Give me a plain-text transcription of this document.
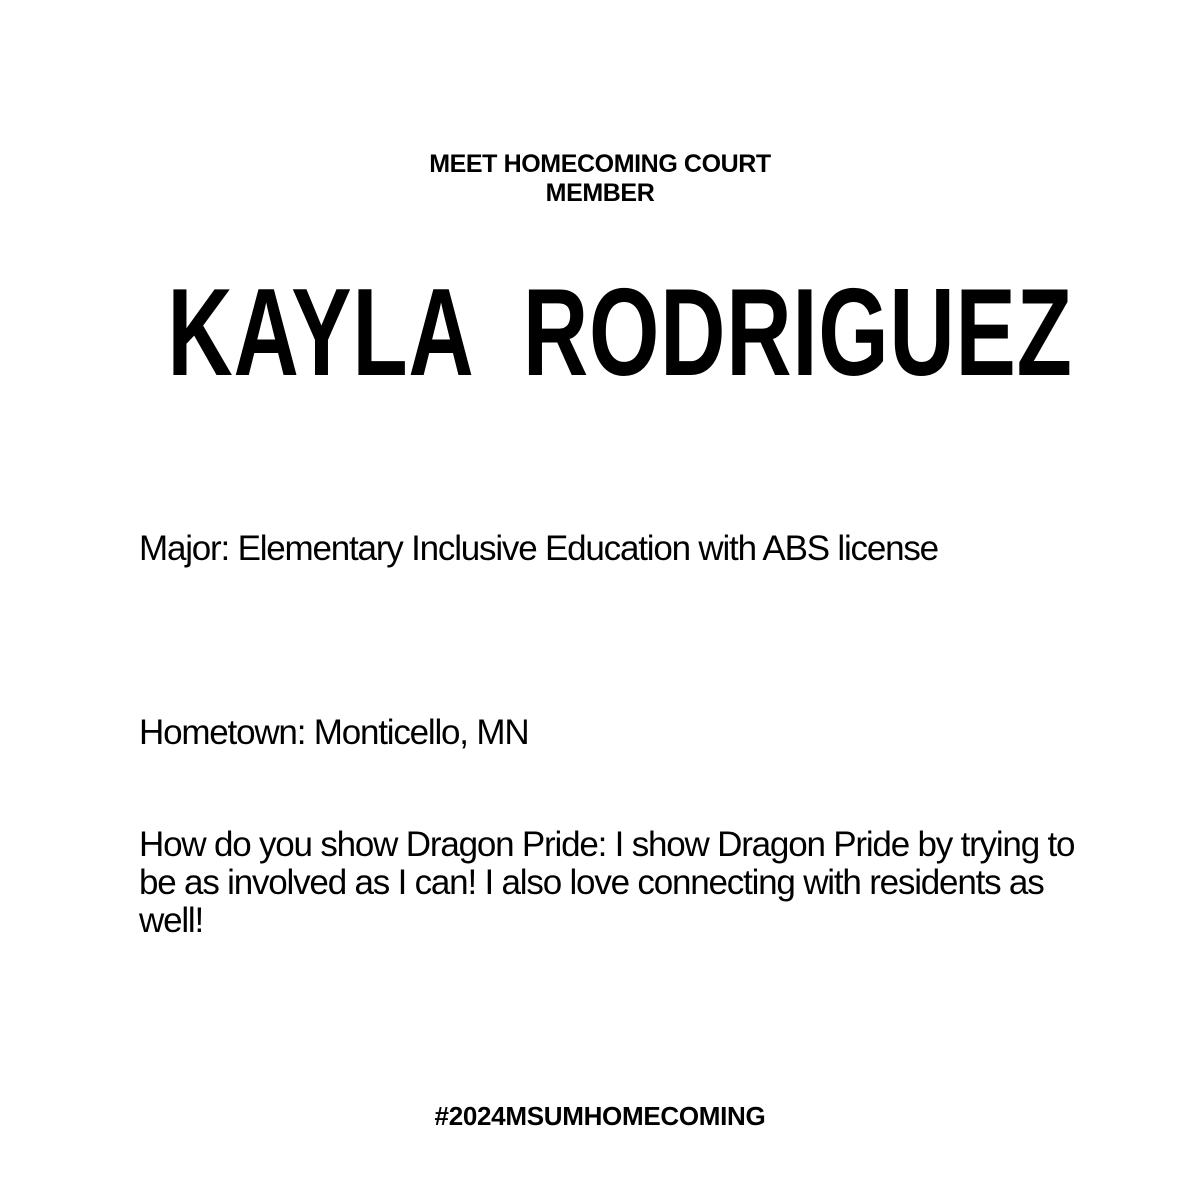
MEET HOMECOMING COURT
MEMBER
KAYLA  RODRIGUEZ

Major: Elementary Inclusive Education with ABS license

Hometown: Monticello, MN

How do you show Dragon Pride: I show Dragon Pride by trying to be as involved as I can! I also love connecting with residents as well!

#2024MSUMHOMECOMING
